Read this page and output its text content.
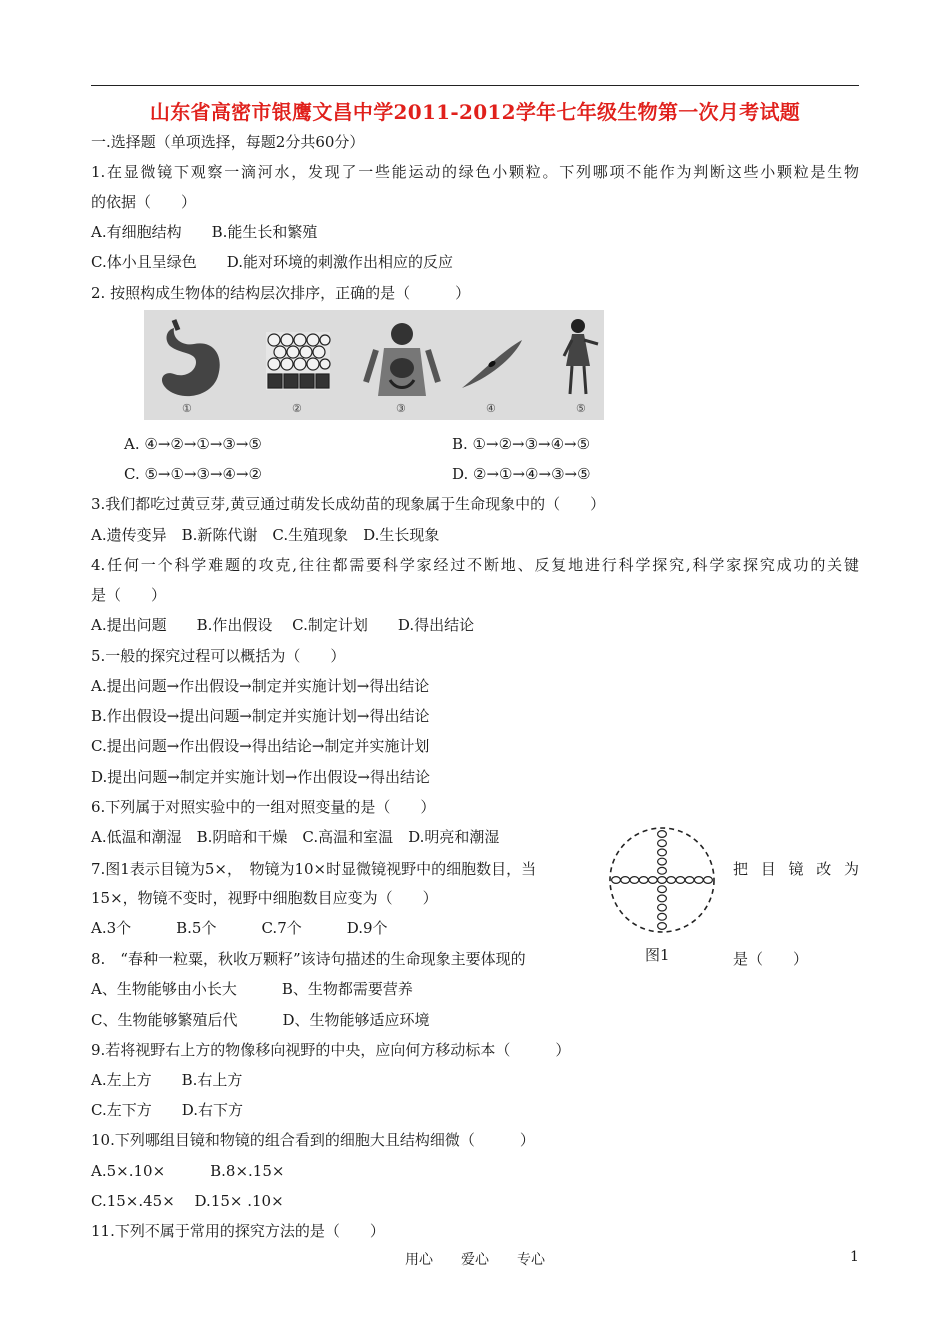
山东省高密市银鹰文昌中学2011-2012学年七年级生物第一次月考试题
一.选择题（单项选择，每题2分共60分）
1.在显微镜下观察一滴河水，发现了一些能运动的绿色小颗粒。下列哪项不能作为判断这些小颗粒是生物
的依据（　　）
A.有细胞结构　　B.能生长和繁殖
C.体小且呈绿色　　D.能对环境的刺激作出相应的反应
2. 按照构成生物体的结构层次排序，正确的是（　　　）
①	②	③	④	⑤
A. ④→②→①→③→⑤	B. ①→②→③→④→⑤
C. ⑤→①→③→④→②	D. ②→①→④→③→⑤
3.我们都吃过黄豆芽,黄豆通过萌发长成幼苗的现象属于生命现象中的（　　）
A.遗传变异　B.新陈代谢　C.生殖现象　D.生长现象
4.任何一个科学难题的攻克,往往都需要科学家经过不断地、反复地进行科学探究,科学家探究成功的关键
是（　　）
A.提出问题　　B.作出假设　 C.制定计划　　D.得出结论
5.一般的探究过程可以概括为（　　）
A.提出问题→作出假设→制定并实施计划→得出结论
B.作出假设→提出问题→制定并实施计划→得出结论
C.提出问题→作出假设→得出结论→制定并实施计划
D.提出问题→制定并实施计划→作出假设→得出结论
6.下列属于对照实验中的一组对照变量的是（　　）
A.低温和潮湿　B.阴暗和干燥　C.高温和室温　D.明亮和潮湿
7.图1表示目镜为5×，　物镜为10×时显微镜视野中的细胞数目，当	把目镜改为
15×，物镜不变时，视野中细胞数目应变为（　　）
A.3个　　　B.5个　　　C.7个　　　D.9个
图1
8.　“春种一粒粟，秋收万颗籽”该诗句描述的生命现象主要体现的	是（　　）
A、生物能够由小长大　　　B、生物都需要营养
C、生物能够繁殖后代　　　D、生物能够适应环境
9.若将视野右上方的物像移向视野的中央，应向何方移动标本（　　　）
A.左上方　　B.右上方
C.左下方　　D.右下方
10.下列哪组目镜和物镜的组合看到的细胞大且结构细微（　　　）
A.5×.10×　　　B.8×.15×
C.15×.45×　 D.15× .10×
11.下列不属于常用的探究方法的是（　　）
用心　　爱心　　专心	1
